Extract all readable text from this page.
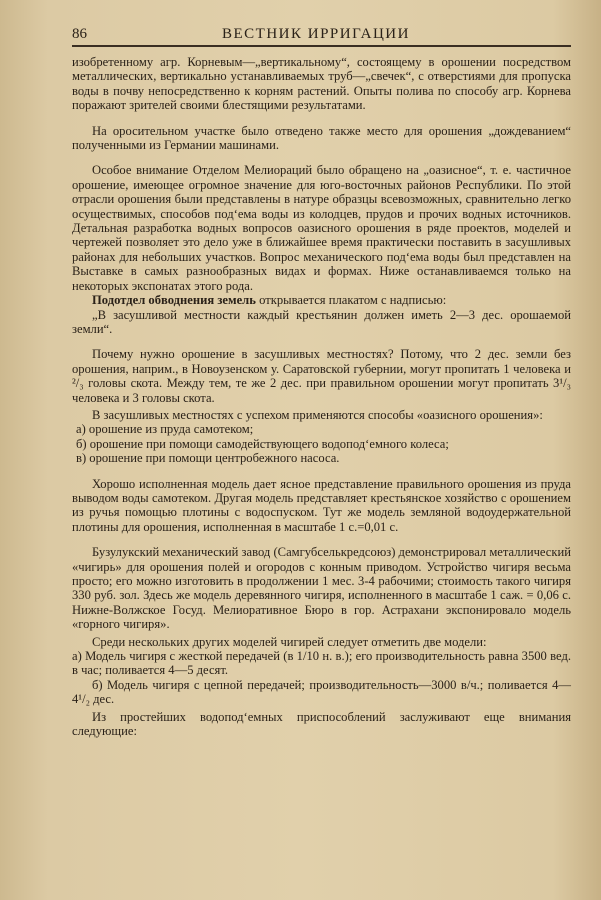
86	ВЕСТНИК ИРРИГАЦИИ

изобретенному агр. Корневым—„вертикальному“, состоящему в орошении посредством металлических, вертикально устанавливаемых труб—„свечек“, с отверстиями для пропуска воды в почву непосредственно к корням растений. Опыты полива по способу агр. Корнева поражают зрителей своими блестящими результатами.

На оросительном участке было отведено также место для орошения „дождеванием“ полученными из Германии машинами.

Особое внимание Отделом Мелиораций было обращено на „оазисное“, т. е. частичное орошение, имеющее огромное значение для юго-восточных районов Республики. По этой отрасли орошения были представлены в натуре образцы всевозможных, сравнительно легко осуществимых, способов под‘ема воды из колодцев, прудов и прочих водных источников. Детальная разработка водных вопросов оазисного орошения в ряде проектов, моделей и чертежей позволяет это дело уже в ближайшее время практически поставить в засушливых районах для небольших участков. Вопрос механического под‘ема воды был представлен на Выставке в самых разнообразных видах и формах. Ниже останавливаемся только на некоторых экспонатах этого рода.

Подотдел обводнения земель открывается плакатом с надписью:

„В засушливой местности каждый крестьянин должен иметь 2—3 дес. орошаемой земли“.

Почему нужно орошение в засушливых местностях? Потому, что 2 дес. земли без орошения, наприм., в Новоузенском у. Саратовской губернии, могут пропитать 1 человека и ²/₃ головы скота. Между тем, те же 2 дес. при правильном орошении могут пропитать 3¹/₃ человека и 3 головы скота.

В засушливых местностях с успехом применяются способы «оазисного орошения»:

а) орошение из пруда самотеком;

б) орошение при помощи самодействующего водопод‘емного колеса;

в) орошение при помощи центробежного насоса.

Хорошо исполненная модель дает ясное представление правильного орошения из пруда выводом воды самотеком. Другая модель представляет крестьянское хозяйство с орошением из ручья помощью плотины с водоспуском. Тут же модель земляной водоудержательной плотины для орошения, исполненная в масштабе 1 с.=0,01 с.

Бузулукский механический завод (Самгубселькредсоюз) демонстрировал металлический «чигирь» для орошения полей и огородов с конным приводом. Устройство чигиря весьма просто; его можно изготовить в продолжении 1 мес. 3-4 рабочими; стоимость такого чигиря 330 руб. зол. Здесь же модель деревянного чигиря, исполненного в масштабе 1 саж. = 0,06 с. Нижне-Волжское Госуд. Мелиоративное Бюро в гор. Астрахани экспонировало модель «горного чигиря».

Среди нескольких других моделей чигирей следует отметить две модели:

а) Модель чигиря с жесткой передачей (в 1/10 н. в.); его производительность равна 3500 вед. в час; поливается 4—5 десят.

б) Модель чигиря с цепной передачей; производительность—3000 в/ч.; поливается 4—4¹/₂ дес.

Из простейших водопод‘емных приспособлений заслуживают еще внимания следующие:
